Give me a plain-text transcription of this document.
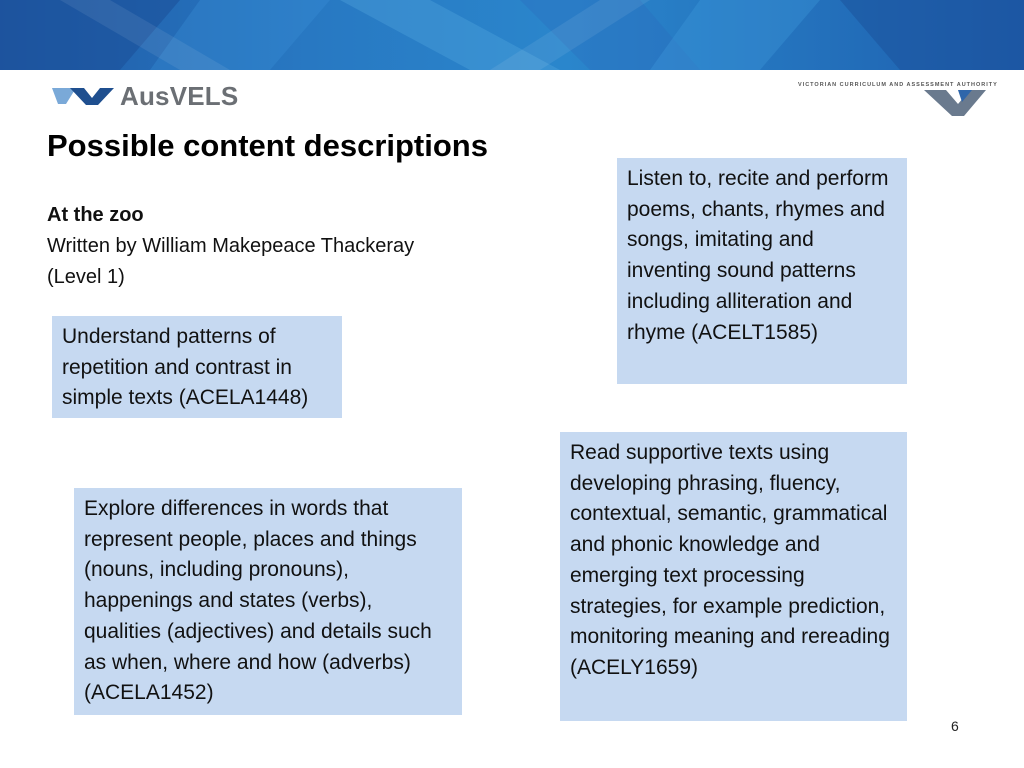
AusVELS	VICTORIAN CURRICULUM AND ASSESSMENT AUTHORITY
Possible content descriptions
At the zoo
Written by William Makepeace Thackeray
(Level 1)
Understand patterns of repetition and contrast in simple texts (ACELA1448)
Listen to, recite and perform poems, chants, rhymes and songs, imitating and inventing sound patterns including alliteration and rhyme (ACELT1585)
Explore differences in words that represent people, places and things (nouns, including pronouns), happenings and states (verbs), qualities (adjectives) and details such as when, where and how (adverbs) (ACELA1452)
Read supportive texts using developing phrasing, fluency, contextual, semantic, grammatical and phonic knowledge and emerging text processing strategies, for example prediction, monitoring meaning and rereading (ACELY1659)
6
